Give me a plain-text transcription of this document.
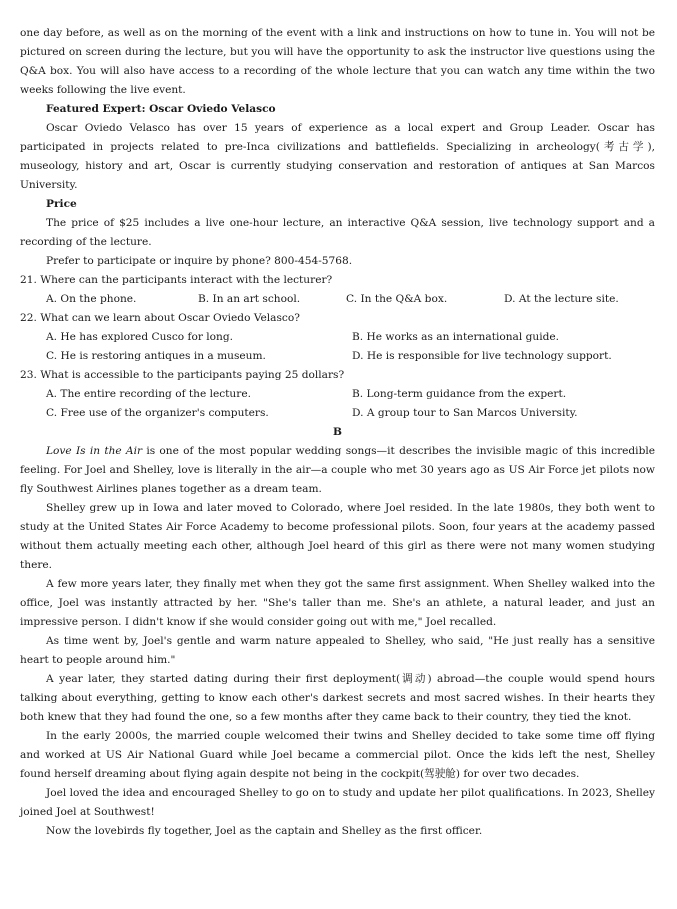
one day before, as well as on the morning of the event with a link and instructions on how to tune in. You will not be pictured on screen during the lecture, but you will have the opportunity to ask the instructor live questions using the Q&A box. You will also have access to a recording of the whole lecture that you can watch any time within the two weeks following the live event.

Featured Expert: Oscar Oviedo Velasco

Oscar Oviedo Velasco has over 15 years of experience as a local expert and Group Leader. Oscar has participated in projects related to pre-Inca civilizations and battlefields. Specializing in archeology(考古学), museology, history and art, Oscar is currently studying conservation and restoration of antiques at San Marcos University.

Price

The price of $25 includes a live one-hour lecture, an interactive Q&A session, live technology support and a recording of the lecture.

Prefer to participate or inquire by phone? 800-454-5768.

21. Where can the participants interact with the lecturer?

A. On the phone.	B. In an art school.	C. In the Q&A box.	D. At the lecture site.

22. What can we learn about Oscar Oviedo Velasco?

A. He has explored Cusco for long.	B. He works as an international guide.
C. He is restoring antiques in a museum.	D. He is responsible for live technology support.

23. What is accessible to the participants paying 25 dollars?

A. The entire recording of the lecture.	B. Long-term guidance from the expert.
C. Free use of the organizer's computers.	D. A group tour to San Marcos University.

B

Love Is in the Air is one of the most popular wedding songs—it describes the invisible magic of this incredible feeling. For Joel and Shelley, love is literally in the air—a couple who met 30 years ago as US Air Force jet pilots now fly Southwest Airlines planes together as a dream team.

Shelley grew up in Iowa and later moved to Colorado, where Joel resided. In the late 1980s, they both went to study at the United States Air Force Academy to become professional pilots. Soon, four years at the academy passed without them actually meeting each other, although Joel heard of this girl as there were not many women studying there.

A few more years later, they finally met when they got the same first assignment. When Shelley walked into the office, Joel was instantly attracted by her. "She's taller than me. She's an athlete, a natural leader, and just an impressive person. I didn't know if she would consider going out with me," Joel recalled.

As time went by, Joel's gentle and warm nature appealed to Shelley, who said, "He just really has a sensitive heart to people around him."

A year later, they started dating during their first deployment(调动) abroad—the couple would spend hours talking about everything, getting to know each other's darkest secrets and most sacred wishes. In their hearts they both knew that they had found the one, so a few months after they came back to their country, they tied the knot.

In the early 2000s, the married couple welcomed their twins and Shelley decided to take some time off flying and worked at US Air National Guard while Joel became a commercial pilot. Once the kids left the nest, Shelley found herself dreaming about flying again despite not being in the cockpit(驾驶舱) for over two decades.

Joel loved the idea and encouraged Shelley to go on to study and update her pilot qualifications. In 2023, Shelley joined Joel at Southwest!

Now the lovebirds fly together, Joel as the captain and Shelley as the first officer.
